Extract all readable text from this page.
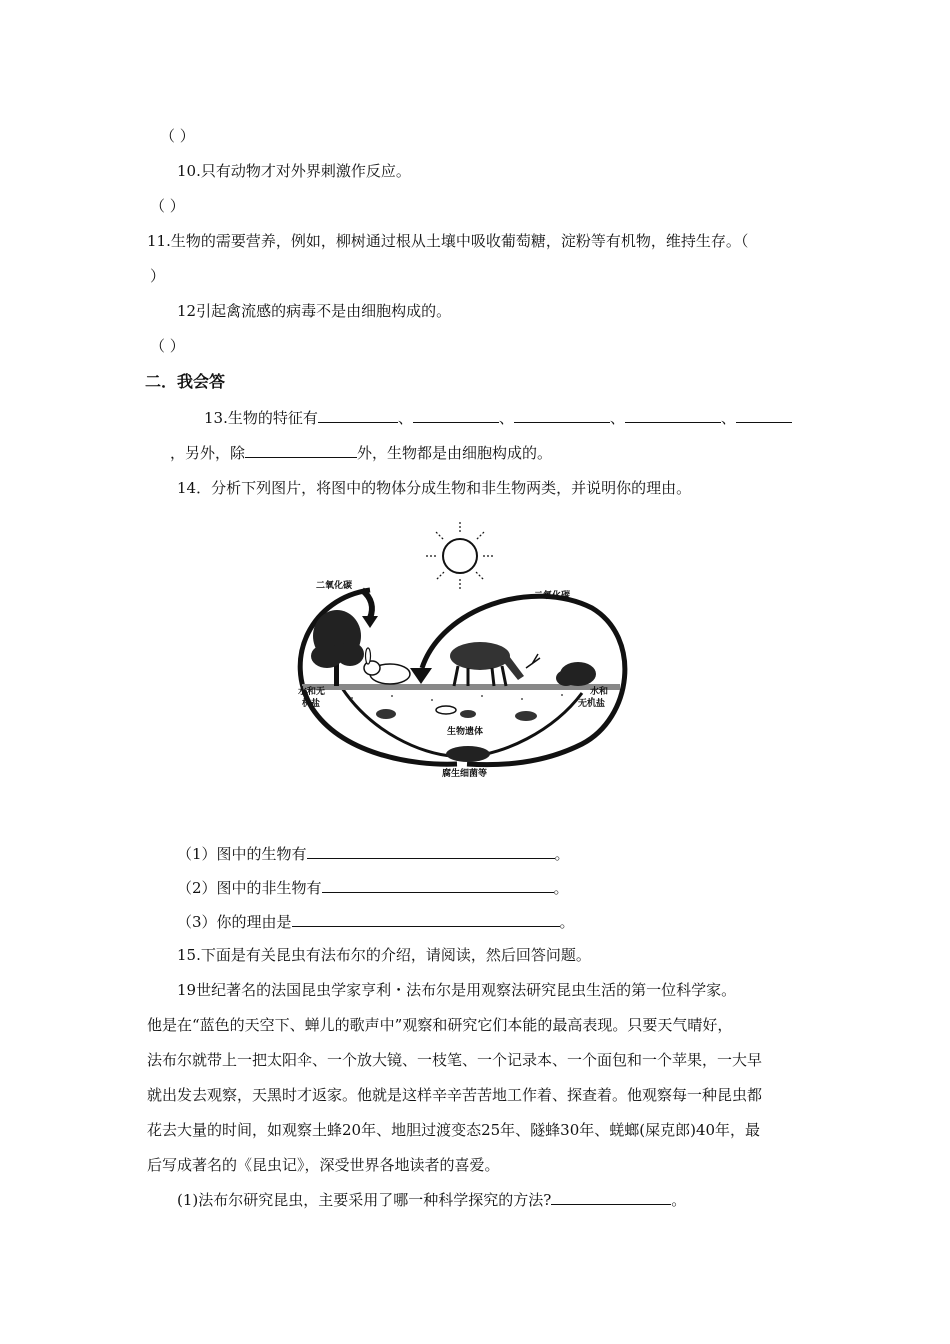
（ ）
10.只有动物才对外界刺激作反应。
（ ）
11.生物的需要营养，例如，柳树通过根从土壤中吸收葡萄糖，淀粉等有机物，维持生存。（
）
12引起禽流感的病毒不是由细胞构成的。
（ ）
二．我会答
13.生物的特征有	、	、	、	、
，另外，除	外，生物都是由细胞构成的。
14．分析下列图片，将图中的物体分成生物和非生物两类，并说明你的理由。
二氧化碳
二氧化碳
水和无
机盐
水和
无机盐
生物遗体
腐生细菌等
（1）图中的生物有	。
（2）图中的非生物有	。
（3）你的理由是	。
15.下面是有关昆虫有法布尔的介绍，请阅读，然后回答问题。
19世纪著名的法国昆虫学家亨利・法布尔是用观察法研究昆虫生活的第一位科学家。
他是在“蓝色的天空下、蝉儿的歌声中”观察和研究它们本能的最高表现。只要天气晴好，
法布尔就带上一把太阳伞、一个放大镜、一枝笔、一个记录本、一个面包和一个苹果，一大早
就出发去观察，天黑时才返家。他就是这样辛辛苦苦地工作着、探查着。他观察每一种昆虫都
花去大量的时间，如观察土蜂20年、地胆过渡变态25年、隧蜂30年、蜣螂(屎克郎)40年，最
后写成著名的《昆虫记》，深受世界各地读者的喜爱。
(1)法布尔研究昆虫，主要采用了哪一种科学探究的方法?	。
